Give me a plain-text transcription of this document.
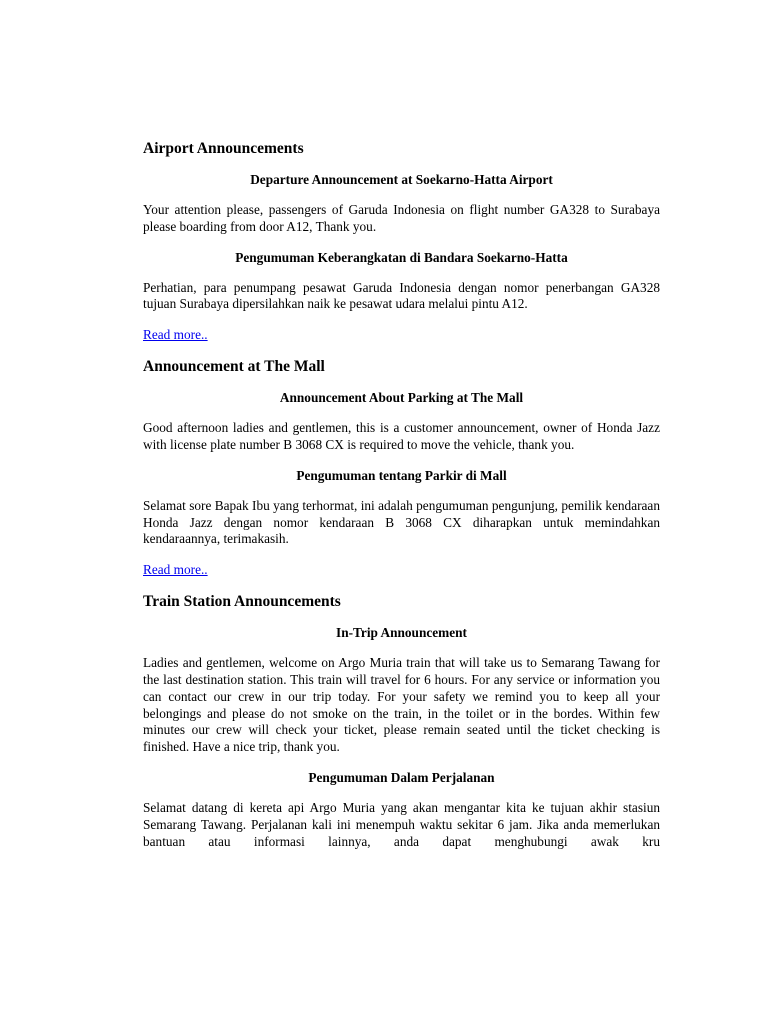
Airport Announcements
Departure Announcement at Soekarno-Hatta Airport

Your attention please, passengers of Garuda Indonesia on flight number GA328 to Surabaya please boarding from door A12, Thank you.

Pengumuman Keberangkatan di Bandara Soekarno-Hatta

Perhatian, para penumpang pesawat Garuda Indonesia dengan nomor penerbangan GA328 tujuan Surabaya dipersilahkan naik ke pesawat udara melalui pintu A12.

Read more..
Announcement at The Mall
Announcement About Parking at The Mall

Good afternoon ladies and gentlemen, this is a customer announcement, owner of Honda Jazz with license plate number B 3068 CX is required to move the vehicle, thank you.

Pengumuman tentang Parkir di Mall

Selamat sore Bapak Ibu yang terhormat, ini adalah pengumuman pengunjung, pemilik kendaraan Honda Jazz dengan nomor kendaraan B 3068 CX diharapkan untuk memindahkan kendaraannya, terimakasih.

Read more..
Train Station Announcements
In-Trip Announcement

Ladies and gentlemen, welcome on Argo Muria train that will take us to Semarang Tawang for the last destination station. This train will travel for 6 hours. For any service or information you can contact our crew in our trip today. For your safety we remind you to keep all your belongings and please do not smoke on the train, in the toilet or in the bordes. Within few minutes our crew will check your ticket, please remain seated until the ticket checking is finished. Have a nice trip, thank you.

Pengumuman Dalam Perjalanan

Selamat datang di kereta api Argo Muria yang akan mengantar kita ke tujuan akhir stasiun Semarang Tawang. Perjalanan kali ini menempuh waktu sekitar 6 jam. Jika anda memerlukan bantuan atau informasi lainnya, anda dapat menghubungi awak kru
